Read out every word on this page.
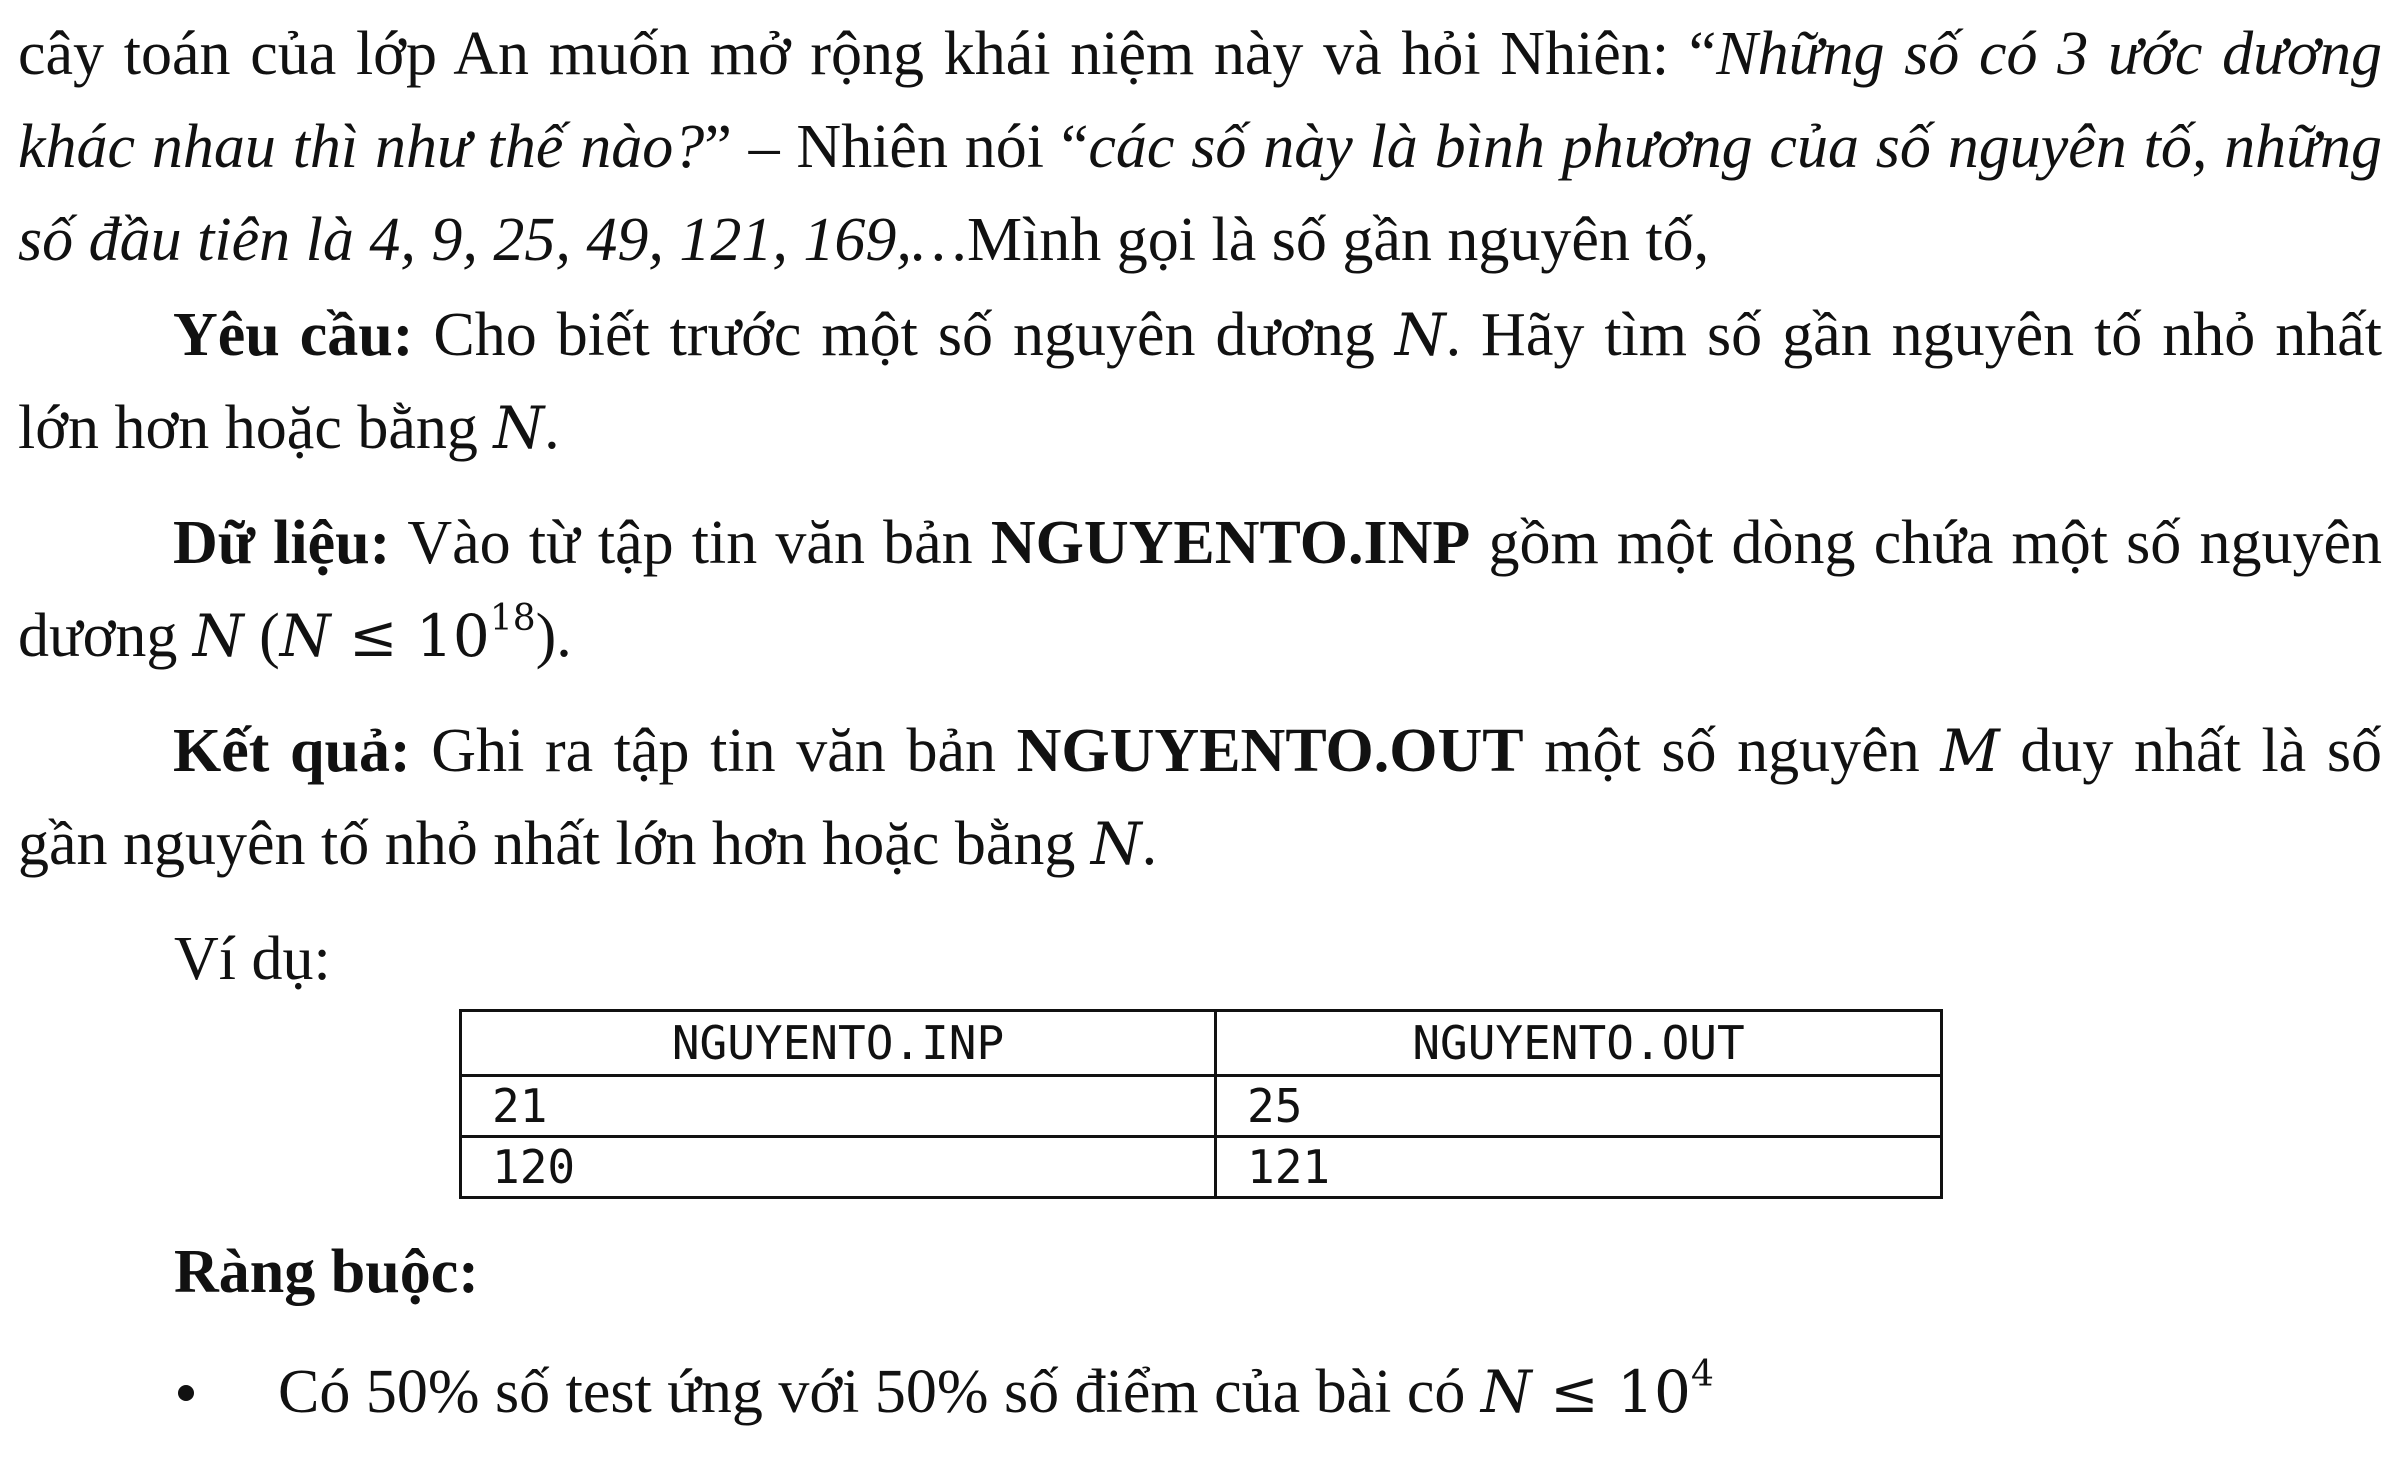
cây toán của lớp An muốn mở rộng khái niệm này và hỏi Nhiên: “Những số có 3 ước dương khác nhau thì như thế nào?” – Nhiên nói “các số này là bình phương của số nguyên tố, những số đầu tiên là 4, 9, 25, 49, 121, 169,…Mình gọi là số gần nguyên tố,

Yêu cầu: Cho biết trước một số nguyên dương N. Hãy tìm số gần nguyên tố nhỏ nhất lớn hơn hoặc bằng N.

Dữ liệu: Vào từ tập tin văn bản NGUYENTO.INP gồm một dòng chứa một số nguyên dương N $(N \le 10^{18})$.

Kết quả: Ghi ra tập tin văn bản NGUYENTO.OUT một số nguyên M duy nhất là số gần nguyên tố nhỏ nhất lớn hơn hoặc bằng N.

Ví dụ:

NGUYENTO.INP	NGUYENTO.OUT
21	25
120	121

Ràng buộc:

Có 50% số test ứng với 50% số điểm của bài có $N \le 10^4$
